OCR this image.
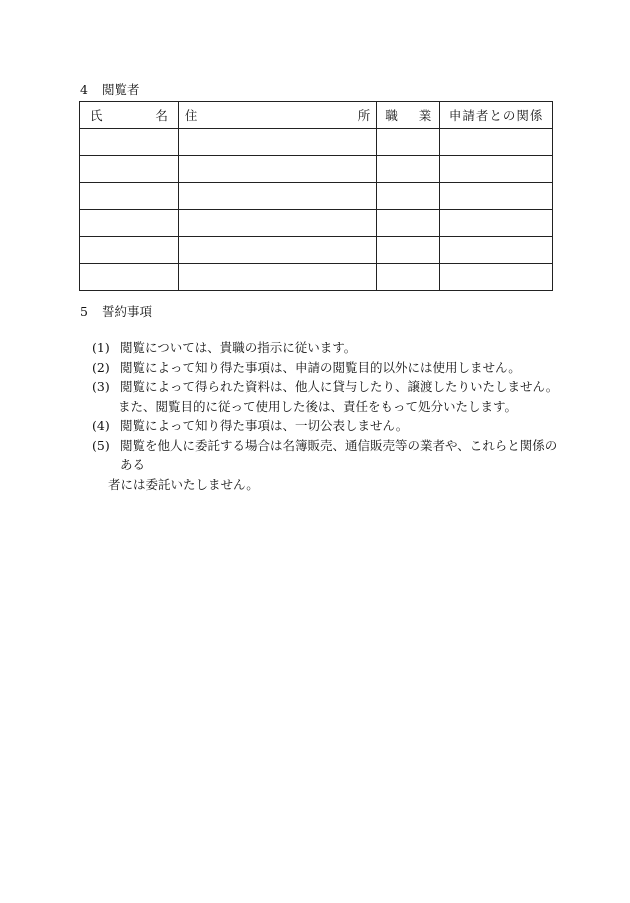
4 閲覧者
氏 名	住 所	職 業	申請者との関係

5 誓約事項
(1) 閲覧については、貴職の指示に従います。
(2) 閲覧によって知り得た事項は、申請の閲覧目的以外には使用しません。
(3) 閲覧によって得られた資料は、他人に貸与したり、譲渡したりいたしません。
また、閲覧目的に従って使用した後は、責任をもって処分いたします。
(4) 閲覧によって知り得た事項は、一切公表しません。
(5) 閲覧を他人に委託する場合は名簿販売、通信販売等の業者や、これらと関係のある
者には委託いたしません。
